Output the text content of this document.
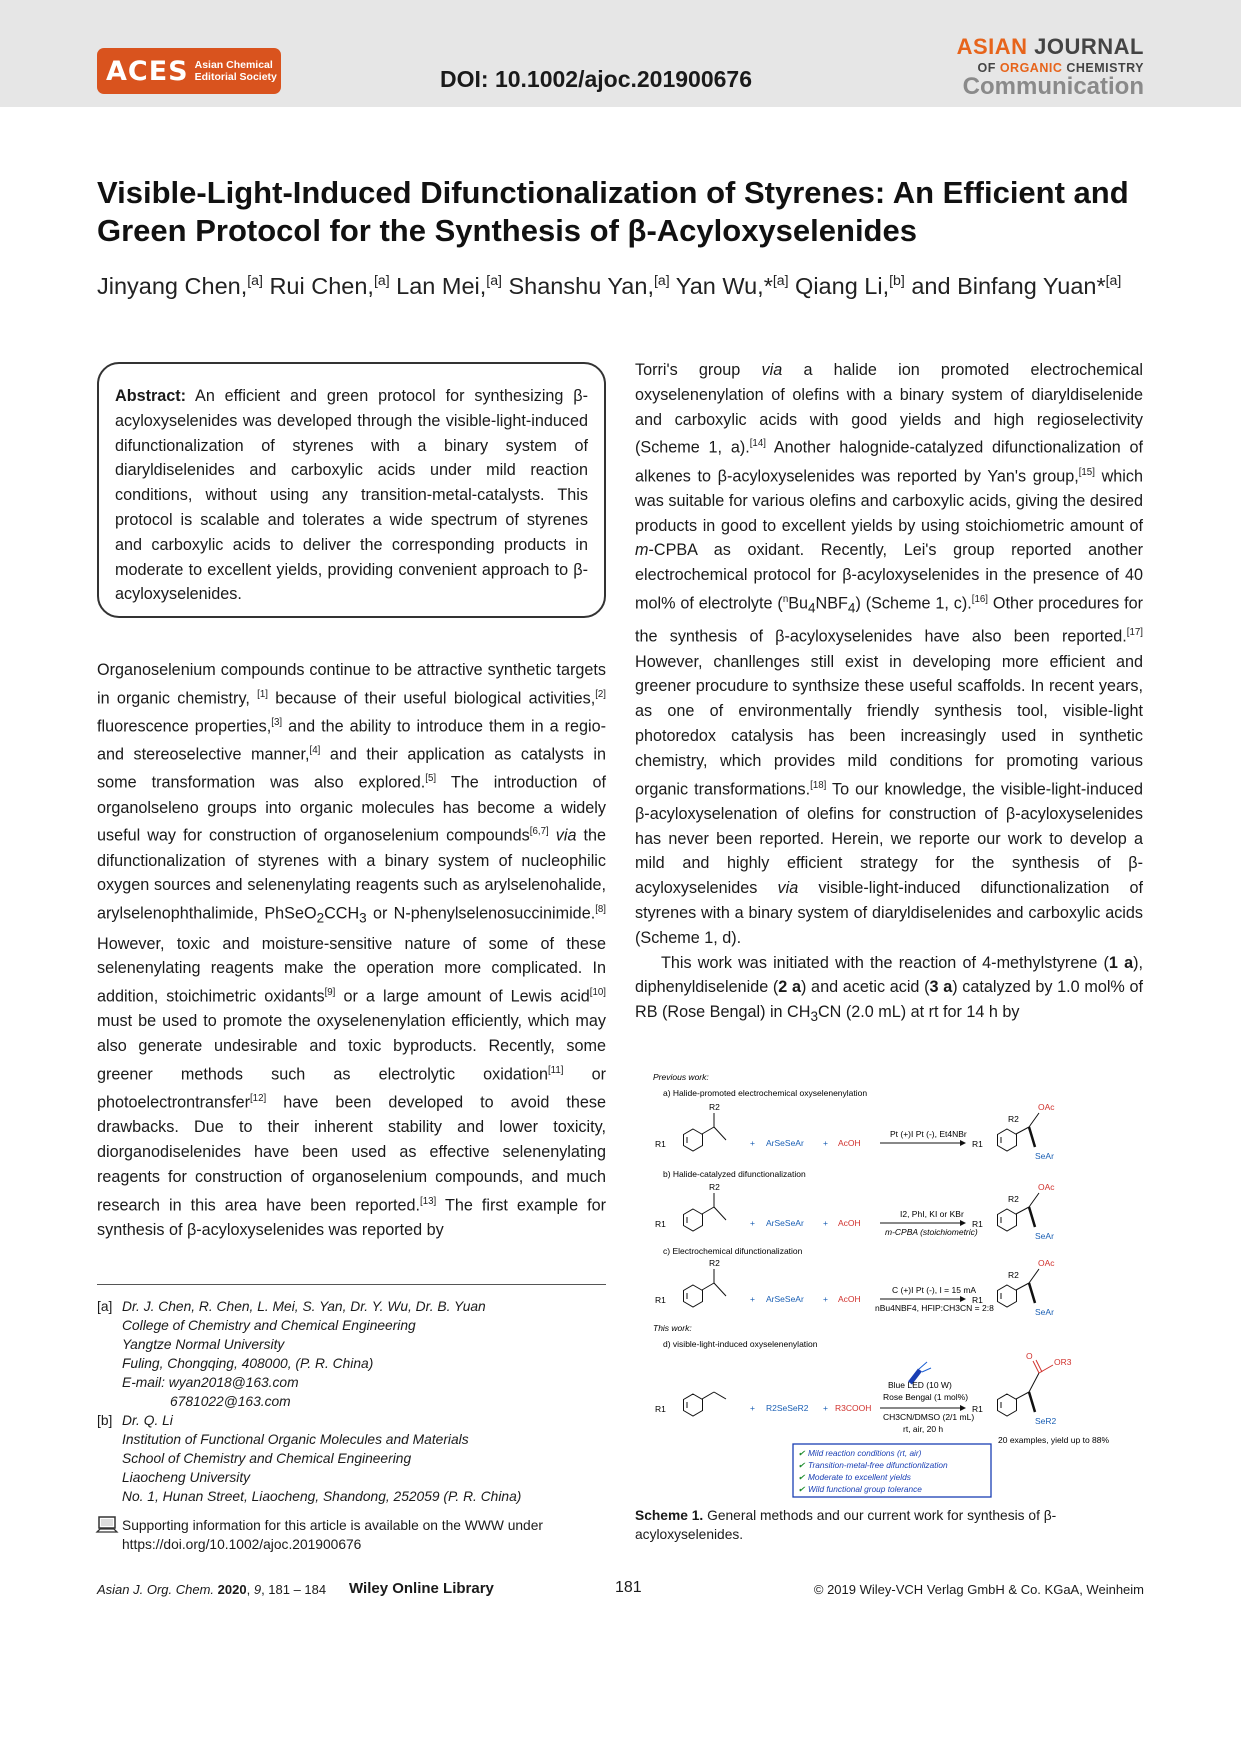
ACES Asian Chemical
Editorial Society	DOI: 10.1002/ajoc.201900676
ASIAN JOURNAL
OF ORGANIC CHEMISTRY
Communication
Visible-Light-Induced Difunctionalization of Styrenes: An Efficient and Green Protocol for the Synthesis of β-Acyloxyselenides
Jinyang Chen,[a] Rui Chen,[a] Lan Mei,[a] Shanshu Yan,[a] Yan Wu,*[a] Qiang Li,[b] and Binfang Yuan*[a]

Abstract: An efficient and green protocol for synthesizing β-acyloxyselenides was developed through the visible-light-induced difunctionalization of styrenes with a binary system of diaryldiselenides and carboxylic acids under mild reaction conditions, without using any transition-metal-catalysts. This protocol is scalable and tolerates a wide spectrum of styrenes and carboxylic acids to deliver the corresponding products in moderate to excellent yields, providing convenient approach to β-acyloxyselenides.

Organoselenium compounds continue to be attractive synthetic targets in organic chemistry, [1] because of their useful biological activities,[2] fluorescence properties,[3] and the ability to introduce them in a regio- and stereoselective manner,[4] and their application as catalysts in some transformation was also explored.[5] The introduction of organolseleno groups into organic molecules has become a widely useful way for construction of organoselenium compounds[6,7] via the difunctionalization of styrenes with a binary system of nucleophilic oxygen sources and selenenylating reagents such as arylselenohalide, arylselenophthalimide, $PhSeO_2CCH_3$ or N-phenylselenosuccinimide.[8] However, toxic and moisture-sensitive nature of some of these selenenylating reagents make the operation more complicated. In addition, stoichimetric oxidants[9] or a large amount of Lewis acid[10] must be used to promote the oxyselenenylation efficiently, which may also generate undesirable and toxic byproducts. Recently, some greener methods such as electrolytic oxidation[11] or photoelectrontransfer[12] have been developed to avoid these drawbacks. Due to their inherent stability and lower toxicity, diorganodiselenides have been used as effective selenenylating reagents for construction of organoselenium compounds, and much research in this area have been reported.[13] The first example for synthesis of β-acyloxyselenides was reported by

[a] Dr. J. Chen, R. Chen, L. Mei, S. Yan, Dr. Y. Wu, Dr. B. Yuan
College of Chemistry and Chemical Engineering
Yangtze Normal University
Fuling, Chongqing, 408000, (P. R. China)
E-mail: wyan2018@163.com
6781022@163.com
[b] Dr. Q. Li
Institution of Functional Organic Molecules and Materials
School of Chemistry and Chemical Engineering
Liaocheng University
No. 1, Hunan Street, Liaocheng, Shandong, 252059 (P. R. China)
Supporting information for this article is available on the WWW under https://doi.org/10.1002/ajoc.201900676

Torri's group via a halide ion promoted electrochemical oxyselenenylation of olefins with a binary system of diaryldiselenide and carboxylic acids with good yields and high regioselectivity (Scheme 1, a).[14] Another halognide-catalyzed difunctionalization of alkenes to β-acyloxyselenides was reported by Yan's group,[15] which was suitable for various olefins and carboxylic acids, giving the desired products in good to excellent yields by using stoichiometric amount of m-CPBA as oxidant. Recently, Lei's group reported another electrochemical protocol for β-acyloxyselenides in the presence of 40 mol% of electrolyte $(^nBu_4NBF_4)$ (Scheme 1, c).[16] Other procedures for the synthesis of β-acyloxyselenides have also been reported.[17] However, chanllenges still exist in developing more efficient and greener procudure to synthsize these useful scaffolds. In recent years, as one of environmentally friendly synthesis tool, visible-light photoredox catalysis has been increasingly used in synthetic chemistry, which provides mild conditions for promoting various organic transformations.[18] To our knowledge, the visible-light-induced β-acyloxyselenation of olefins for construction of β-acyloxyselenides has never been reported. Herein, we reporte our work to develop a mild and highly efficient strategy for the synthesis of β-acyloxyselenides via visible-light-induced difunctionalization of styrenes with a binary system of diaryldiselenides and carboxylic acids (Scheme 1, d).

This work was initiated with the reaction of 4-methylstyrene (1 a), diphenyldiselenide (2 a) and acetic acid (3 a) catalyzed by 1.0 mol% of RB (Rose Bengal) in $CH_3CN$ (2.0 mL) at rt for 14 h by

Previous work:
a) Halide-promoted electrochemical oxyselenenylation
R1
R2
+ ArSeSeAr + AcOH
Pt (+)I Pt (-), Et4NBr
R1
R2
OAc
SeAr
b) Halide-catalyzed difunctionalization
R1
R2
+ ArSeSeAr + AcOH
I2, PhI, KI or KBr
m-CPBA (stoichiometric)
R1
R2
OAc
SeAr
c) Electrochemical difunctionalization
R1
R2
+ ArSeSeAr + AcOH
C (+)I Pt (-), I = 15 mA
nBu4NBF4, HFIP:CH3CN = 2:8
R1
R2
OAc
SeAr
This work:
d) visible-light-induced oxyselenenylation
R1	+ R2SeSeR2 + R3COOH
Blue LED (10 W)
Rose Bengal (1 mol%)
CH3CN/DMSO (2/1 mL)
rt, air, 20 h
R1
O
OR3
SeR2
20 examples, yield up to 88%
✔ Mild reaction conditions (rt, air)
✔ Transition-metal-free difunctionlization
✔ Moderate to excellent yields
✔ Wild functional group tolerance
Scheme 1. General methods and our current work for synthesis of β-acyloxyselenides.
Asian J. Org. Chem. 2020, 9, 181 – 184 Wiley Online Library	181	© 2019 Wiley-VCH Verlag GmbH & Co. KGaA, Weinheim
